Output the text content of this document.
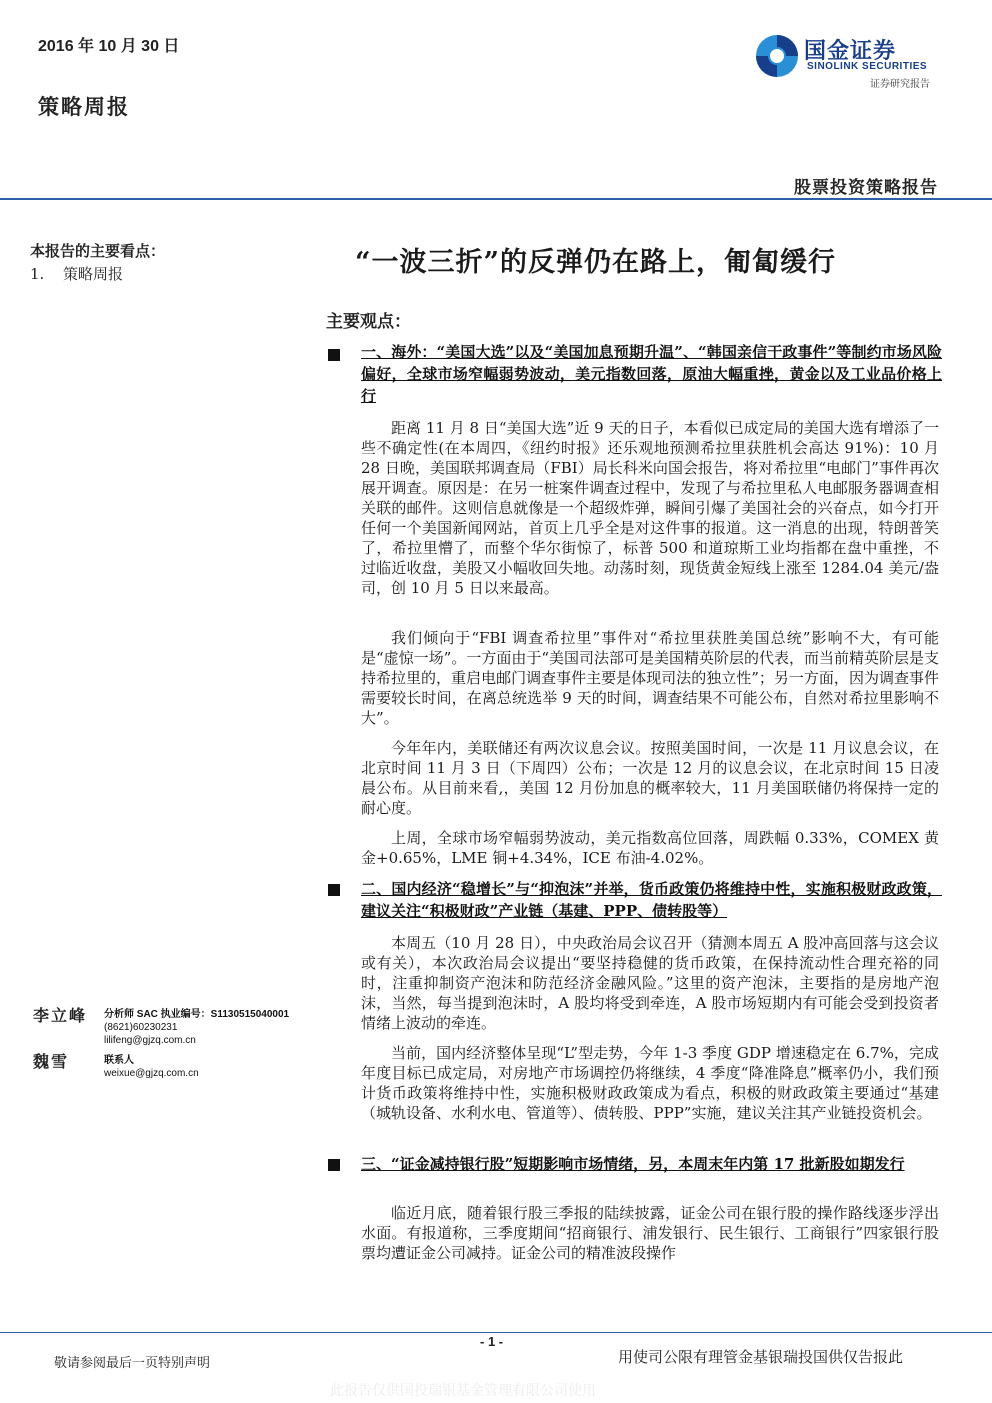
2016 年 10 月 30 日
策略周报
国金证券
SINOLINK SECURITIES
证券研究报告
股票投资策略报告
本报告的主要看点：
1. 策略周报	“一波三折”的反弹仍在路上，匍匐缓行
主要观点：
一、海外：“美国大选”以及“美国加息预期升温”、“韩国亲信干政事件”等制约市场风险偏好，全球市场窄幅弱势波动，美元指数回落，原油大幅重挫，黄金以及工业品价格上行
距离 11 月 8 日“美国大选”近 9 天的日子，本看似已成定局的美国大选有增添了一些不确定性(在本周四，《纽约时报》还乐观地预测希拉里获胜机会高达 91%)：10 月 28 日晚，美国联邦调查局（FBI）局长科米向国会报告，将对希拉里“电邮门”事件再次展开调查。原因是：在另一桩案件调查过程中，发现了与希拉里私人电邮服务器调查相关联的邮件。这则信息就像是一个超级炸弹，瞬间引爆了美国社会的兴奋点，如今打开任何一个美国新闻网站，首页上几乎全是对这件事的报道。这一消息的出现，特朗普笑了，希拉里懵了，而整个华尔街惊了，标普 500 和道琼斯工业均指都在盘中重挫，不过临近收盘，美股又小幅收回失地。动荡时刻，现货黄金短线上涨至 1284.04 美元/盎司，创 10 月 5 日以来最高。
我们倾向于“FBI 调查希拉里”事件对“希拉里获胜美国总统”影响不大，有可能是“虚惊一场”。一方面由于“美国司法部可是美国精英阶层的代表，而当前精英阶层是支持希拉里的，重启电邮门调查事件主要是体现司法的独立性”；另一方面，因为调查事件需要较长时间，在离总统选举 9 天的时间，调查结果不可能公布，自然对希拉里影响不大”。
今年年内，美联储还有两次议息会议。按照美国时间，一次是 11 月议息会议，在北京时间 11 月 3 日（下周四）公布；一次是 12 月的议息会议，在北京时间 15 日凌晨公布。从目前来看,，美国 12 月份加息的概率较大，11 月美国联储仍将保持一定的耐心度。
上周，全球市场窄幅弱势波动，美元指数高位回落，周跌幅 0.33%，COMEX 黄金+0.65%，LME 铜+4.34%，ICE 布油-4.02%。
二、国内经济“稳增长”与“抑泡沫”并举，货币政策仍将维持中性，实施积极财政政策，建议关注“积极财政”产业链（基建、PPP、债转股等）
本周五（10 月 28 日），中央政治局会议召开（猜测本周五 A 股冲高回落与这会议或有关），本次政治局会议提出“要坚持稳健的货币政策，在保持流动性合理充裕的同时，注重抑制资产泡沫和防范经济金融风险。”这里的资产泡沫，主要指的是房地产泡沫，当然，每当提到泡沫时，A 股均将受到牵连，A 股市场短期内有可能会受到投资者情绪上波动的牵连。
当前，国内经济整体呈现“L”型走势，今年 1-3 季度 GDP 增速稳定在 6.7%，完成年度目标已成定局，对房地产市场调控仍将继续，4 季度“降准降息”概率仍小，我们预计货币政策将维持中性，实施积极财政政策成为看点，积极的财政政策主要通过“基建（城轨设备、水利水电、管道等）、债转股、PPP”实施，建议关注其产业链投资机会。
三、“证金减持银行股”短期影响市场情绪，另，本周末年内第 17 批新股如期发行
临近月底，随着银行股三季报的陆续披露，证金公司在银行股的操作路线逐步浮出水面。有报道称，三季度期间“招商银行、浦发银行、民生银行、工商银行”四家银行股票均遭证金公司减持。证金公司的精准波段操作
李立峰 分析师 SAC 执业编号：S1130515040001
(8621)60230231
lilifeng@gjzq.com.cn
魏雪	联系人
weixue@gjzq.com.cn
- 1 -
敬请参阅最后一页特别声明	用使司公限有理管金基银瑞投国供仅告报此
此报告仅供国投瑞银基金管理有限公司使用
